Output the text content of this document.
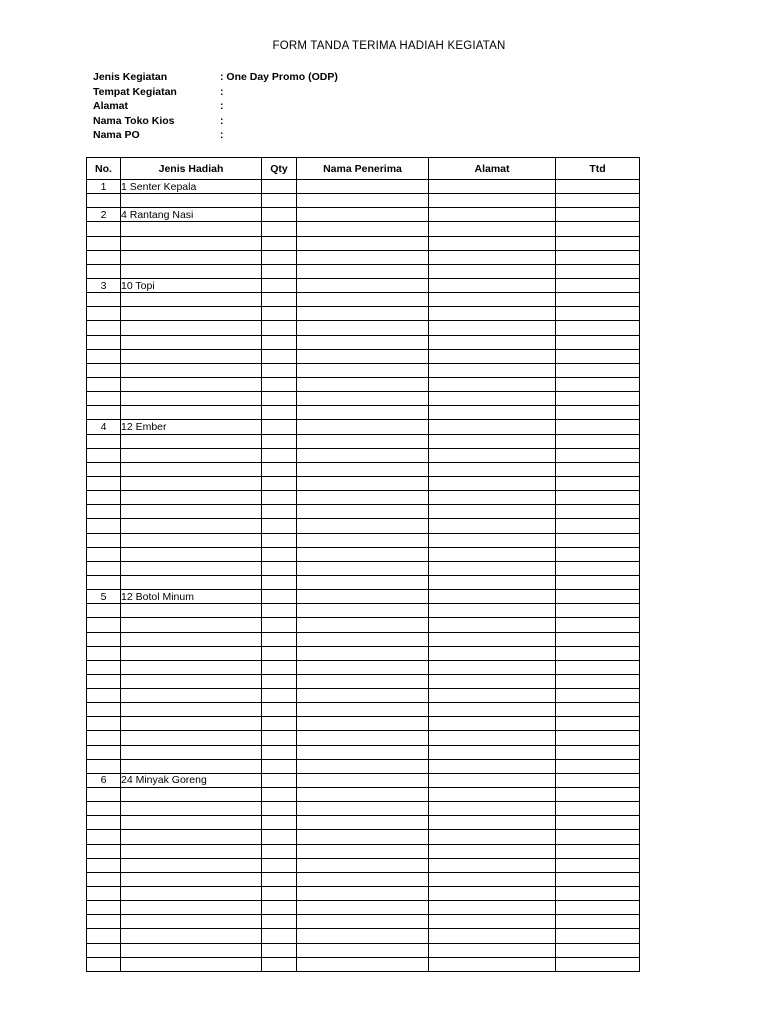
FORM TANDA TERIMA HADIAH KEGIATAN
Jenis Kegiatan	: One Day Promo (ODP)
Tempat Kegiatan	:
Alamat	:
Nama Toko Kios	:
Nama PO	:
No.	Jenis Hadiah	Qty	Nama Penerima	Alamat	Ttd
1	1 Senter Kepala				

2	4 Rantang Nasi				

3	10 Topi				

4	12 Ember				

5	12 Botol Minum				

6	24 Minyak Goreng				
